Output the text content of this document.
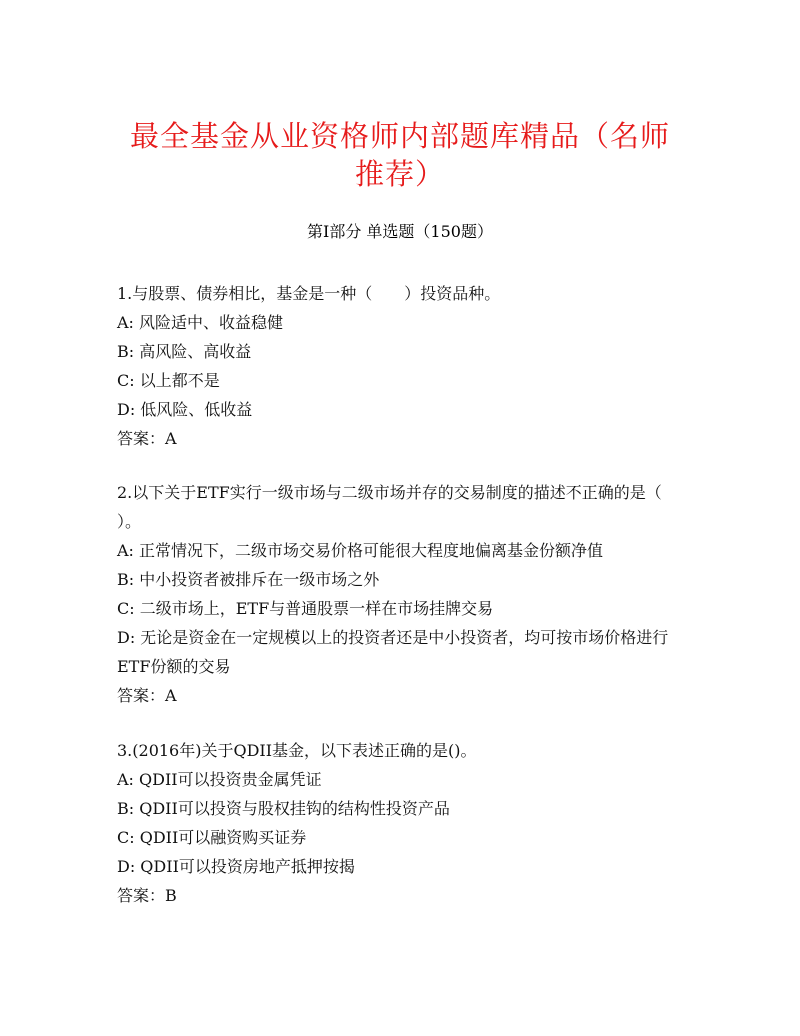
最全基金从业资格师内部题库精品（名师推荐）
第I部分 单选题（150题）
1.与股票、债券相比，基金是一种（　　）投资品种。
A: 风险适中、收益稳健
B: 高风险、高收益
C: 以上都不是
D: 低风险、低收益
答案：A
2.以下关于ETF实行一级市场与二级市场并存的交易制度的描述不正确的是（ ）。
A: 正常情况下，二级市场交易价格可能很大程度地偏离基金份额净值
B: 中小投资者被排斥在一级市场之外
C: 二级市场上，ETF与普通股票一样在市场挂牌交易
D: 无论是资金在一定规模以上的投资者还是中小投资者，均可按市场价格进行ETF份额的交易
答案：A
3.(2016年)关于QDII基金，以下表述正确的是()。
A: QDII可以投资贵金属凭证
B: QDII可以投资与股权挂钩的结构性投资产品
C: QDII可以融资购买证券
D: QDII可以投资房地产抵押按揭
答案：B
